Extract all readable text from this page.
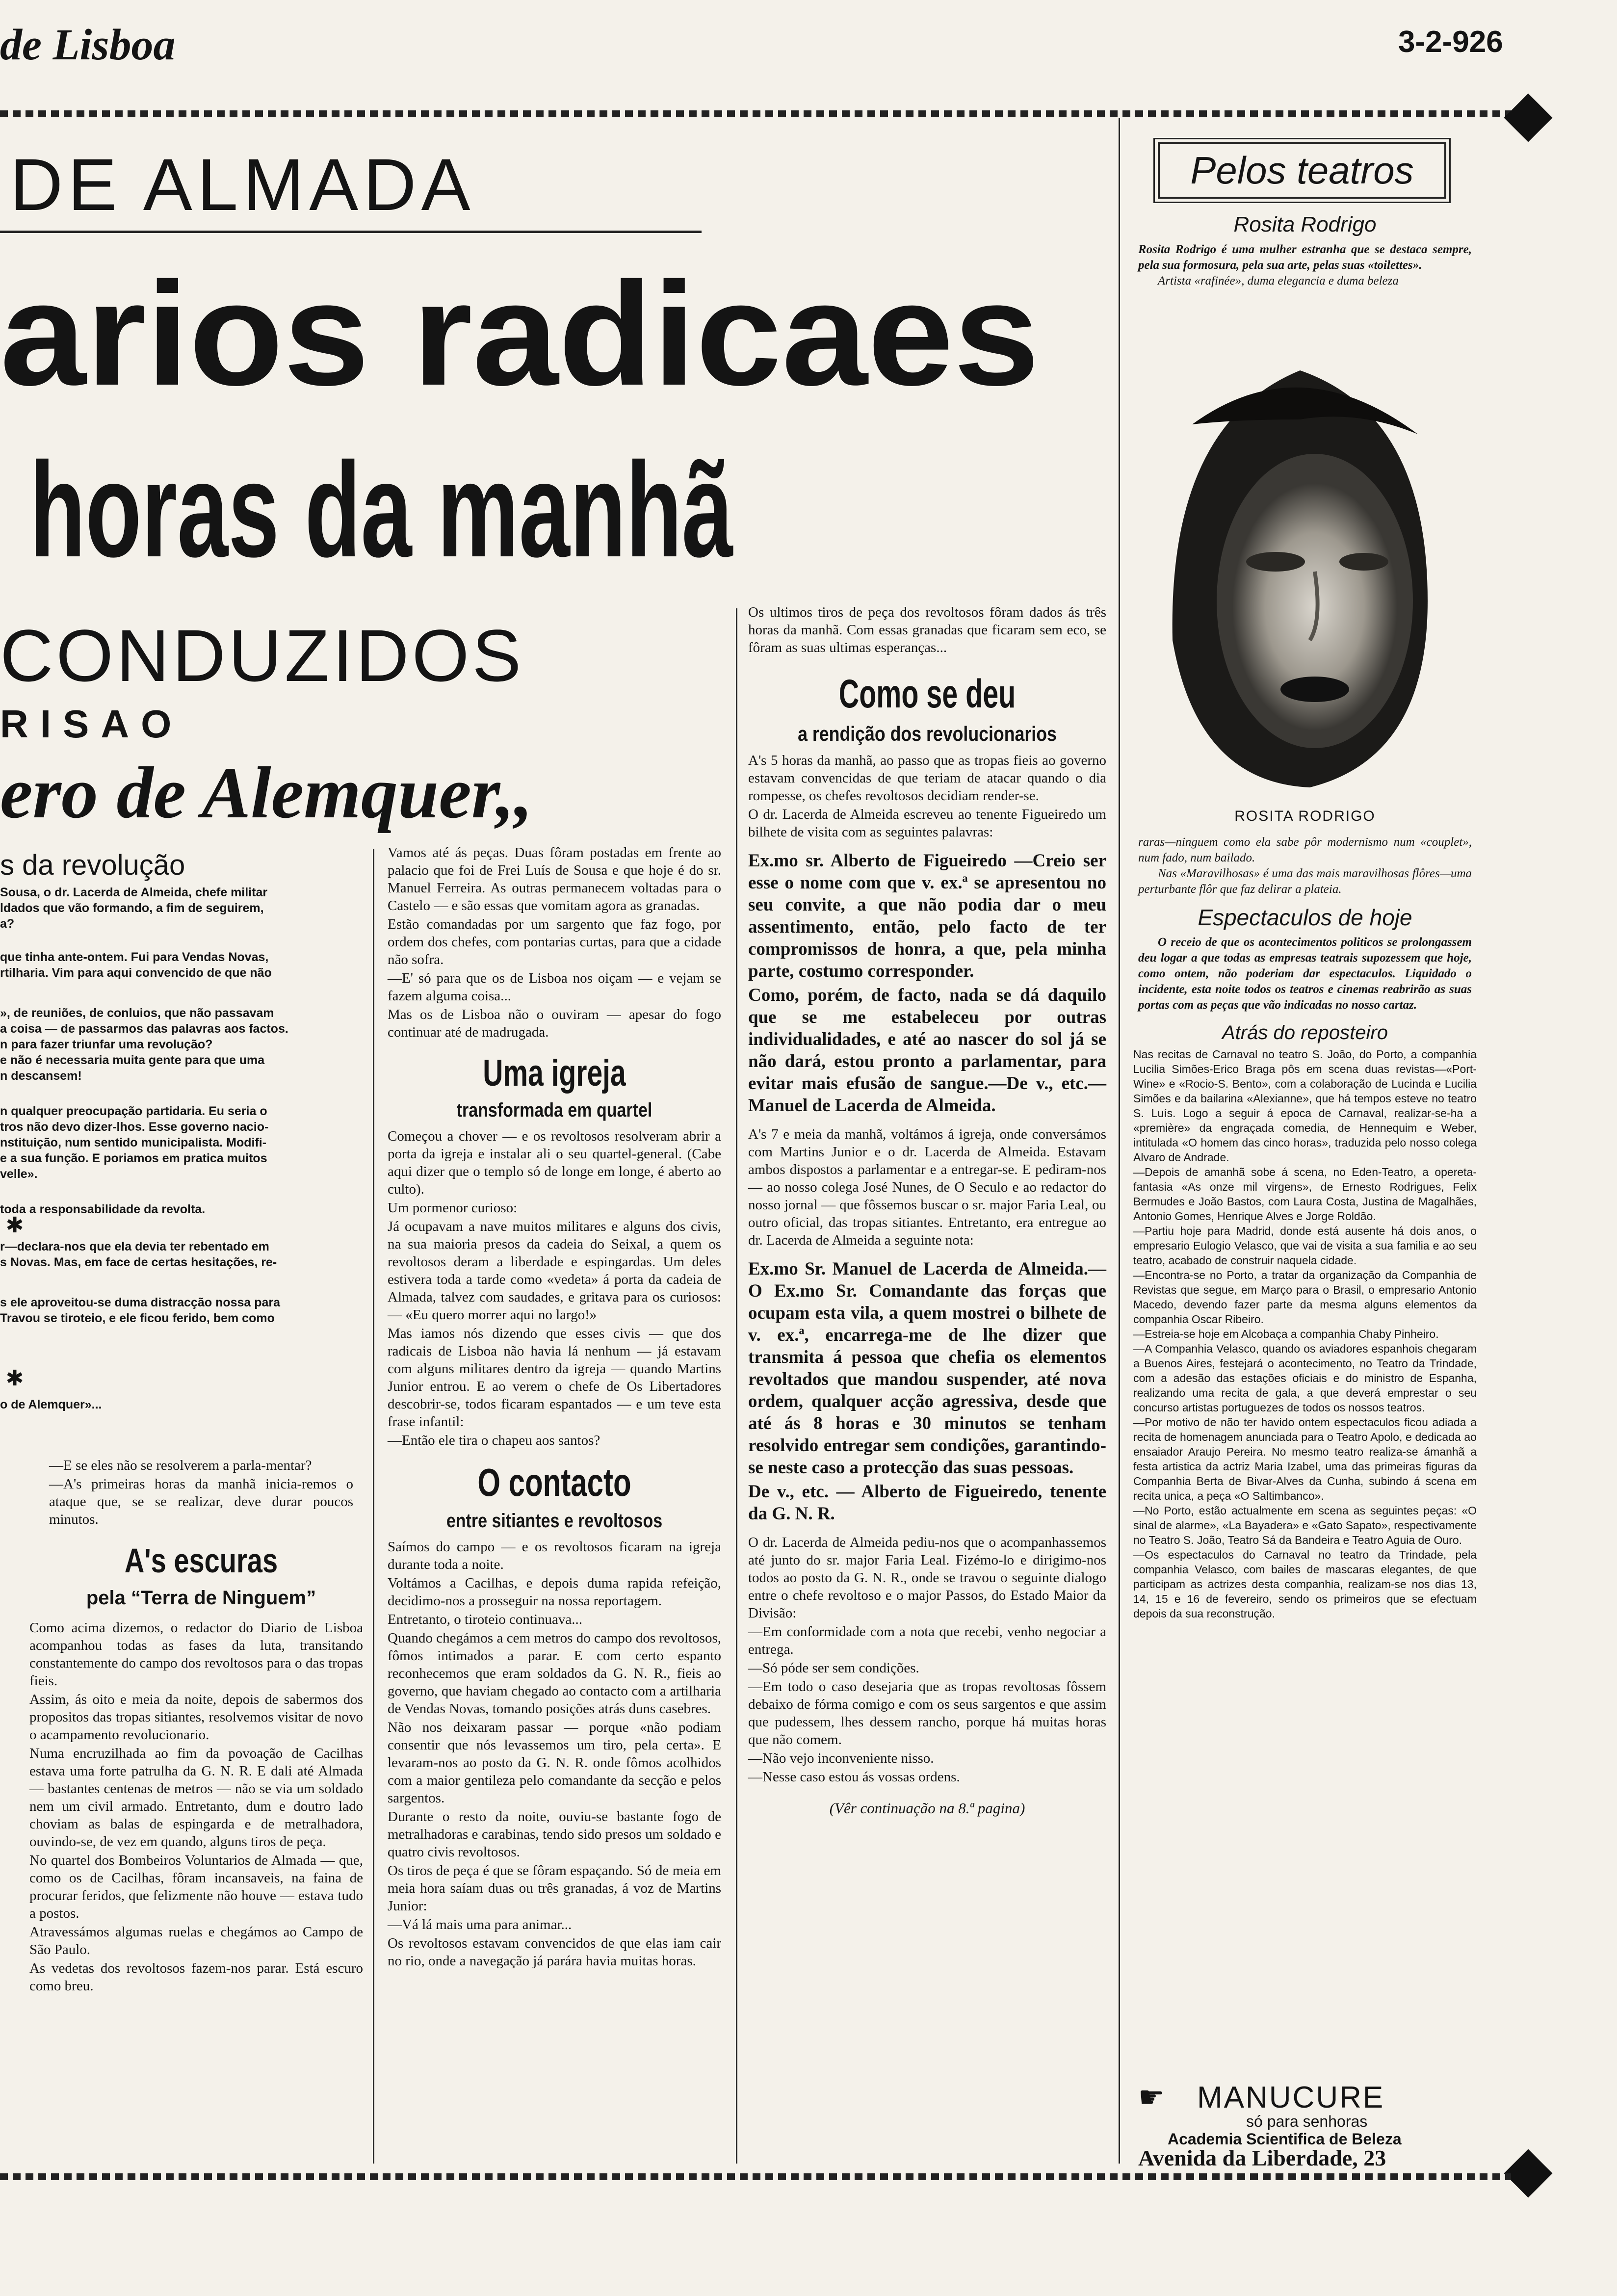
de Lisboa	3-2-926
DE ALMADA
arios radicaes
horas da manhã
CONDUZIDOS
RISAO
ero de Alemquer,,
s da revolução

Sousa, o dr. Lacerda de Almeida, chefe militar

ldados que vão formando, a fim de seguirem,

a?

que tinha ante-ontem. Fui para Vendas Novas,

rtilharia. Vim para aqui convencido de que não

», de reuniões, de conluios, que não passavam

a coisa — de passarmos das palavras aos factos.

n para fazer triunfar uma revolução?

e não é necessaria muita gente para que uma

n descansem!

n qualquer preocupação partidaria. Eu seria o

tros não devo dizer-lhos. Esse governo nacio-

nstituição, num sentido municipalista. Modifi-

e a sua função. E poriamos em pratica muitos

velle».

toda a responsabilidade da revolta.

✱

r—declara-nos que ela devia ter rebentado em

s Novas. Mas, em face de certas hesitações, re-

s ele aproveitou-se duma distracção nossa para

Travou se tiroteio, e ele ficou ferido, bem como

✱

o de Alemquer»...

—E se eles não se resolverem a parla-mentar?

—A's primeiras horas da manhã inicia-remos o ataque que, se se realizar, deve durar poucos minutos.

A's escuras
pela “Terra de Ninguem”

Como acima dizemos, o redactor do Diario de Lisboa acompanhou todas as fases da luta, transitando constantemente do campo dos revoltosos para o das tropas fieis.

Assim, ás oito e meia da noite, depois de sabermos dos propositos das tropas sitiantes, resolvemos visitar de novo o acampamento revolucionario.

Numa encruzilhada ao fim da povoação de Cacilhas estava uma forte patrulha da G. N. R. E dali até Almada — bastantes centenas de metros — não se via um soldado nem um civil armado. Entretanto, dum e doutro lado choviam as balas de espingarda e de metralhadora, ouvindo-se, de vez em quando, alguns tiros de peça.

No quartel dos Bombeiros Voluntarios de Almada — que, como os de Cacilhas, fôram incansaveis, na faina de procurar feridos, que felizmente não houve — estava tudo a postos.

Atravessámos algumas ruelas e chegámos ao Campo de São Paulo.

As vedetas dos revoltosos fazem-nos parar. Está escuro como breu.

Vamos até ás peças. Duas fôram postadas em frente ao palacio que foi de Frei Luís de Sousa e que hoje é do sr. Manuel Ferreira. As outras permanecem voltadas para o Castelo — e são essas que vomitam agora as granadas.

Estão comandadas por um sargento que faz fogo, por ordem dos chefes, com pontarias curtas, para que a cidade não sofra.

—E' só para que os de Lisboa nos oiçam — e vejam se fazem alguma coisa...

Mas os de Lisboa não o ouviram — apesar do fogo continuar até de madrugada.

Uma igreja
transformada em quartel

Começou a chover — e os revoltosos resolveram abrir a porta da igreja e instalar ali o seu quartel-general. (Cabe aqui dizer que o templo só de longe em longe, é aberto ao culto).

Um pormenor curioso:

Já ocupavam a nave muitos militares e alguns dos civis, na sua maioria presos da cadeia do Seixal, a quem os revoltosos deram a liberdade e espingardas. Um deles estivera toda a tarde como «vedeta» á porta da cadeia de Almada, talvez com saudades, e gritava para os curiosos: — «Eu quero morrer aqui no largo!»

Mas iamos nós dizendo que esses civis — que dos radicais de Lisboa não havia lá nenhum — já estavam com alguns militares dentro da igreja — quando Martins Junior entrou. E ao verem o chefe de Os Libertadores descobrir-se, todos ficaram espantados — e um teve esta frase infantil:

—Então ele tira o chapeu aos santos?

O contacto
entre sitiantes e revoltosos

Saímos do campo — e os revoltosos ficaram na igreja durante toda a noite.

Voltámos a Cacilhas, e depois duma rapida refeição, decidimo-nos a prosseguir na nossa reportagem.

Entretanto, o tiroteio continuava...

Quando chegámos a cem metros do campo dos revoltosos, fômos intimados a parar. E com certo espanto reconhecemos que eram soldados da G. N. R., fieis ao governo, que haviam chegado ao contacto com a artilharia de Vendas Novas, tomando posições atrás duns casebres.

Não nos deixaram passar — porque «não podiam consentir que nós levassemos um tiro, pela certa». E levaram-nos ao posto da G. N. R. onde fômos acolhidos com a maior gentileza pelo comandante da secção e pelos sargentos.

Durante o resto da noite, ouviu-se bastante fogo de metralhadoras e carabinas, tendo sido presos um soldado e quatro civis revoltosos.

Os tiros de peça é que se fôram espaçando. Só de meia em meia hora saíam duas ou três granadas, á voz de Martins Junior:

—Vá lá mais uma para animar...

Os revoltosos estavam convencidos de que elas iam cair no rio, onde a navegação já parára havia muitas horas.

Os ultimos tiros de peça dos revoltosos fôram dados ás três horas da manhã. Com essas granadas que ficaram sem eco, se fôram as suas ultimas esperanças...

Como se deu
a rendição dos revolucionarios

A's 5 horas da manhã, ao passo que as tropas fieis ao governo estavam convencidas de que teriam de atacar quando o dia rompesse, os chefes revoltosos decidiam render-se.

O dr. Lacerda de Almeida escreveu ao tenente Figueiredo um bilhete de visita com as seguintes palavras:

Ex.mo sr. Alberto de Figueiredo —Creio ser esse o nome com que v. ex.ª se apresentou no seu convite, a que não podia dar o meu assentimento, então, pelo facto de ter compromissos de honra, a que, pela minha parte, costumo corresponder.

Como, porém, de facto, nada se dá daquilo que se me estabeleceu por outras individualidades, e até ao nascer do sol já se não dará, estou pronto a parlamentar, para evitar mais efusão de sangue.—De v., etc.—Manuel de Lacerda de Almeida.

A's 7 e meia da manhã, voltámos á igreja, onde conversámos com Martins Junior e o dr. Lacerda de Almeida. Estavam ambos dispostos a parlamentar e a entregar-se. E pediram-nos — ao nosso colega José Nunes, de O Seculo e ao redactor do nosso jornal — que fôssemos buscar o sr. major Faria Leal, ou outro oficial, das tropas sitiantes. Entretanto, era entregue ao dr. Lacerda de Almeida a seguinte nota:

Ex.mo Sr. Manuel de Lacerda de Almeida.—O Ex.mo Sr. Comandante das forças que ocupam esta vila, a quem mostrei o bilhete de v. ex.ª, encarrega-me de lhe dizer que transmita á pessoa que chefia os elementos revoltados que mandou suspender, até nova ordem, qualquer acção agressiva, desde que até ás 8 horas e 30 minutos se tenham resolvido entregar sem condições, garantindo-se neste caso a protecção das suas pessoas.

De v., etc. — Alberto de Figueiredo, tenente da G. N. R.

O dr. Lacerda de Almeida pediu-nos que o acompanhassemos até junto do sr. major Faria Leal. Fizémo-lo e dirigimo-nos todos ao posto da G. N. R., onde se travou o seguinte dialogo entre o chefe revoltoso e o major Passos, do Estado Maior da Divisão:

—Em conformidade com a nota que recebi, venho negociar a entrega.

—Só póde ser sem condições.

—Em todo o caso desejaria que as tropas revoltosas fôssem debaixo de fórma comigo e com os seus sargentos e que assim que pudessem, lhes dessem rancho, porque há muitas horas que não comem.

—Não vejo inconveniente nisso.

—Nesse caso estou ás vossas ordens.

(Vêr continuação na 8.ª pagina)
Pelos teatros
Rosita Rodrigo

Rosita Rodrigo é uma mulher estranha que se destaca sempre, pela sua formosura, pela sua arte, pelas suas «toilettes».

Artista «rafinée», duma elegancia e duma beleza

ROSITA RODRIGO

raras—ninguem como ela sabe pôr modernismo num «couplet», num fado, num bailado.

Nas «Maravilhosas» é uma das mais maravilhosas flôres—uma perturbante flôr que faz delirar a plateia.

Espectaculos de hoje

O receio de que os acontecimentos politicos se prolongassem deu logar a que todas as empresas teatrais supozessem que hoje, como ontem, não poderiam dar espectaculos. Liquidado o incidente, esta noite todos os teatros e cinemas reabrirão as suas portas com as peças que vão indicadas no nosso cartaz.

Atrás do reposteiro

Nas recitas de Carnaval no teatro S. João, do Porto, a companhia Lucilia Simões-Erico Braga pôs em scena duas revistas—«Port-Wine» e «Rocio-S. Bento», com a colaboração de Lucinda e Lucilia Simões e da bailarina «Alexianne», que há tempos esteve no teatro S. Luís. Logo a seguir á epoca de Carnaval, realizar-se-ha a «première» da engraçada comedia, de Hennequim e Weber, intitulada «O homem das cinco horas», traduzida pelo nosso colega Alvaro de Andrade.

—Depois de amanhã sobe á scena, no Eden-Teatro, a opereta-fantasia «As onze mil virgens», de Ernesto Rodrigues, Felix Bermudes e João Bastos, com Laura Costa, Justina de Magalhães, Antonio Gomes, Henrique Alves e Jorge Roldão.

—Partiu hoje para Madrid, donde está ausente há dois anos, o empresario Eulogio Velasco, que vai de visita a sua familia e ao seu teatro, acabado de construir naquela cidade.

—Encontra-se no Porto, a tratar da organização da Companhia de Revistas que segue, em Março para o Brasil, o empresario Antonio Macedo, devendo fazer parte da mesma alguns elementos da companhia Oscar Ribeiro.

—Estreia-se hoje em Alcobaça a companhia Chaby Pinheiro.

—A Companhia Velasco, quando os aviadores espanhois chegaram a Buenos Aires, festejará o acontecimento, no Teatro da Trindade, com a adesão das estações oficiais e do ministro de Espanha, realizando uma recita de gala, a que deverá emprestar o seu concurso artistas portuguezes de todos os nossos teatros.

—Por motivo de não ter havido ontem espectaculos ficou adiada a recita de homenagem anunciada para o Teatro Apolo, e dedicada ao ensaiador Araujo Pereira. No mesmo teatro realiza-se ámanhã a festa artistica da actriz Maria Izabel, uma das primeiras figuras da Companhia Berta de Bivar-Alves da Cunha, subindo á scena em recita unica, a peça «O Saltimbanco».

—No Porto, estão actualmente em scena as seguintes peças: «O sinal de alarme», «La Bayadera» e «Gato Sapato», respectivamente no Teatro S. João, Teatro Sá da Bandeira e Teatro Aguia de Ouro.

—Os espectaculos do Carnaval no teatro da Trindade, pela companhia Velasco, com bailes de mascaras elegantes, de que participam as actrizes desta companhia, realizam-se nos dias 13, 14, 15 e 16 de fevereiro, sendo os primeiros que se efectuam depois da sua reconstrução.

☛ MANUCURE
só para senhoras
Academia Scientifica de Beleza
Avenida da Liberdade, 23
